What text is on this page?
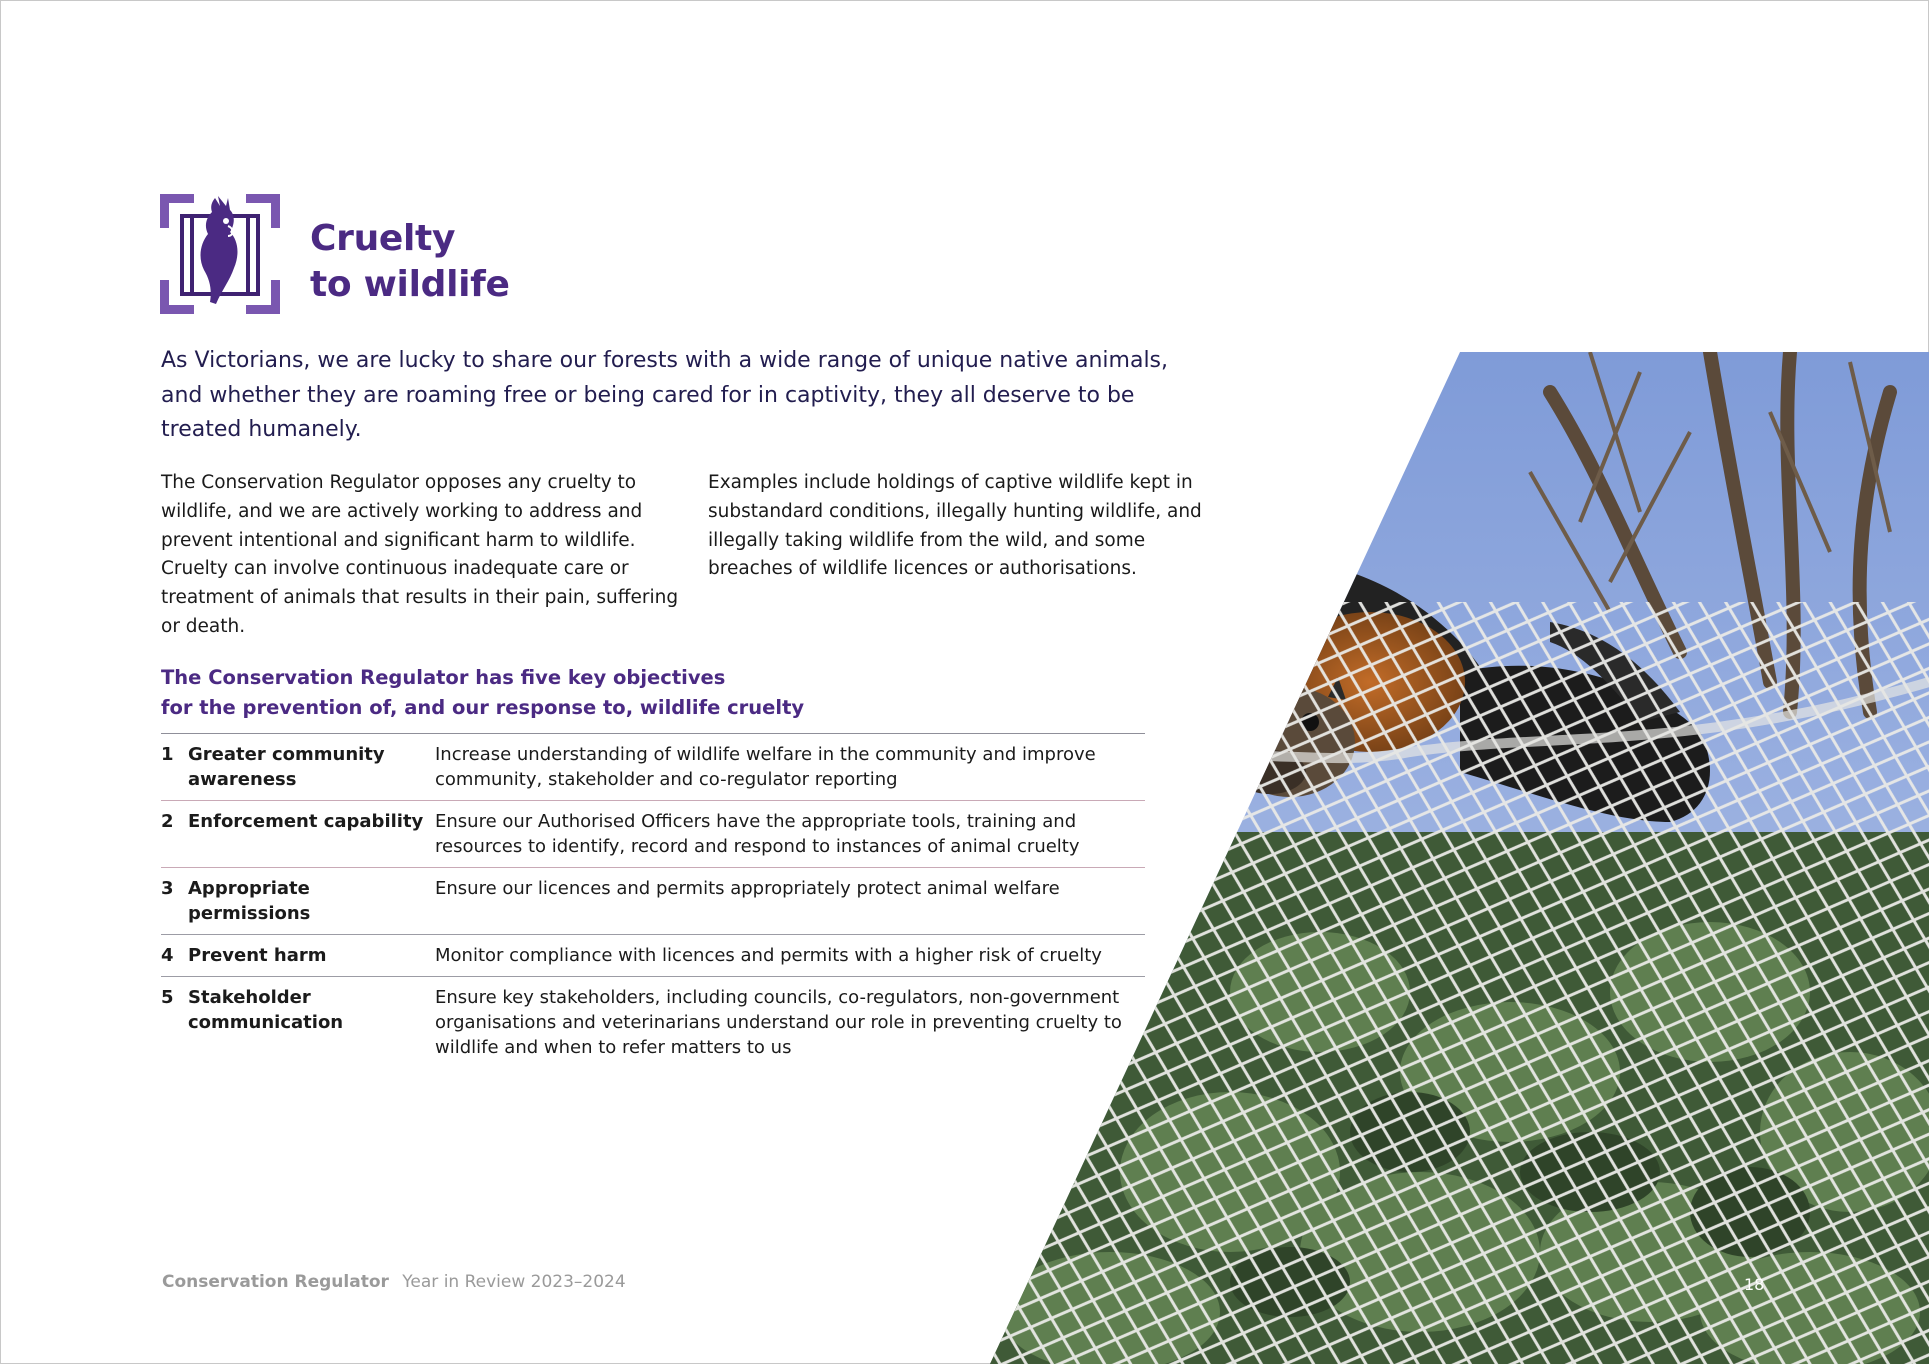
Cruelty
to wildlife
As Victorians, we are lucky to share our forests with a wide range of unique native animals, and whether they are roaming free or being cared for in captivity, they all deserve to be treated humanely.
The Conservation Regulator opposes any cruelty to wildlife, and we are actively working to address and prevent intentional and significant harm to wildlife. Cruelty can involve continuous inadequate care or treatment of animals that results in their pain, suffering or death.
Examples include holdings of captive wildlife kept in substandard conditions, illegally hunting wildlife, and illegally taking wildlife from the wild, and some breaches of wildlife licences or authorisations.
The Conservation Regulator has five key objectives
for the prevention of, and our response to, wildlife cruelty
1 Greater community awareness
Increase understanding of wildlife welfare in the community and improve community, stakeholder and co-regulator reporting
2 Enforcement capability Ensure our Authorised Officers have the appropriate tools, training and resources to identify, record and respond to instances of animal cruelty
3 Appropriate permissions
Ensure our licences and permits appropriately protect animal welfare
4 Prevent harm	Monitor compliance with licences and permits with a higher risk of cruelty
5 Stakeholder communication
Ensure key stakeholders, including councils, co-regulators, non-government organisations and veterinarians understand our role in preventing cruelty to wildlife and when to refer matters to us
Conservation Regulator Year in Review 2023–2024	18
